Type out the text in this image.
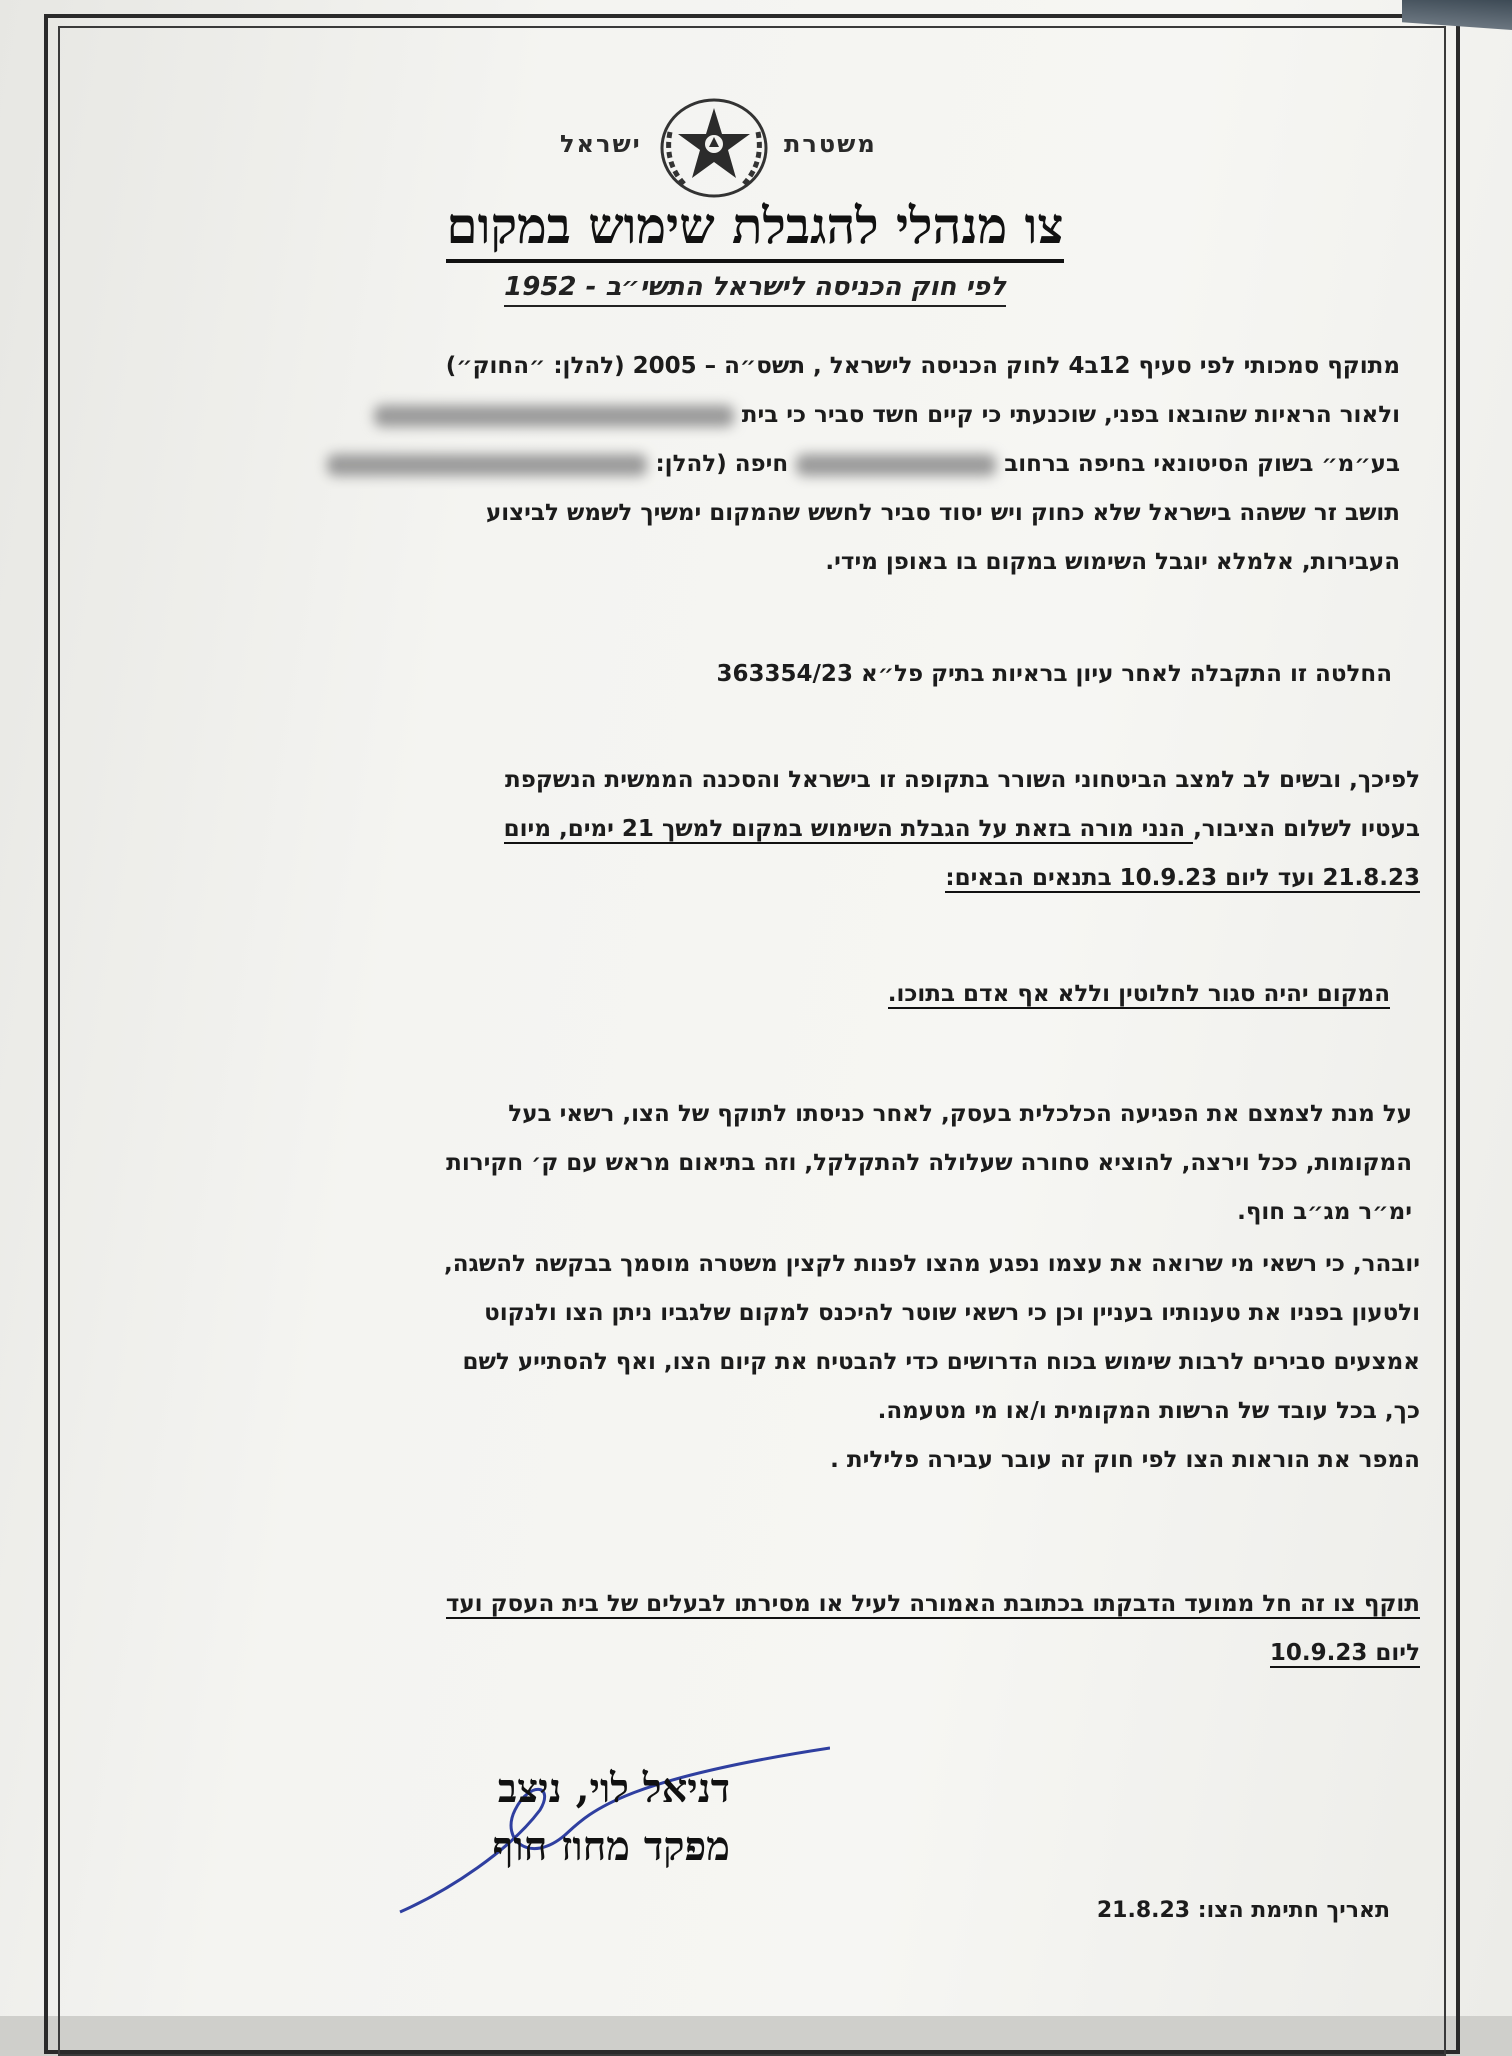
משטרת
ישראל
צו מנהלי להגבלת שימוש במקום
לפי חוק הכניסה לישראל התשי״ב - 1952
מתוקף סמכותי לפי סעיף 12ב4 לחוק הכניסה לישראל , תשס״ה – 2005 (להלן: ״החוק״)
ולאור הראיות שהובאו בפני, שוכנעתי כי קיים חשד סביר כי בית
בע״מ״ בשוק הסיטונאי בחיפה ברחובחיפה (להלן:
תושב זר ששהה בישראל שלא כחוק ויש יסוד סביר לחשש שהמקום ימשיך לשמש לביצוע
העבירות, אלמלא יוגבל השימוש במקום בו באופן מידי.
החלטה זו התקבלה לאחר עיון בראיות בתיק פל״א 363354/23
לפיכך, ובשים לב למצב הביטחוני השורר בתקופה זו בישראל והסכנה הממשית הנשקפת
בעטיו לשלום הציבור, הנני מורה בזאת על הגבלת השימוש במקום למשך 21 ימים, מיום
21.8.23 ועד ליום 10.9.23 בתנאים הבאים:
המקום יהיה סגור לחלוטין וללא אף אדם בתוכו.
על מנת לצמצם את הפגיעה הכלכלית בעסק, לאחר כניסתו לתוקף של הצו, רשאי בעל
המקומות, ככל וירצה, להוציא סחורה שעלולה להתקלקל, וזה בתיאום מראש עם ק׳ חקירות
ימ״ר מג״ב חוף.
יובהר, כי רשאי מי שרואה את עצמו נפגע מהצו לפנות לקצין משטרה מוסמך בבקשה להשגה,
ולטעון בפניו את טענותיו בעניין וכן כי רשאי שוטר להיכנס למקום שלגביו ניתן הצו ולנקוט
אמצעים סבירים לרבות שימוש בכוח הדרושים כדי להבטיח את קיום הצו, ואף להסתייע לשם
כך, בכל עובד של הרשות המקומית ו/או מי מטעמה.
המפר את הוראות הצו לפי חוק זה עובר עבירה פלילית .
תוקף צו זה חל ממועד הדבקתו בכתובת האמורה לעיל או מסירתו לבעלים של בית העסק ועד
ליום 10.9.23
דניאל לוי, ניצב
מפקד מחוז חוף
תאריך חתימת הצו: 21.8.23
